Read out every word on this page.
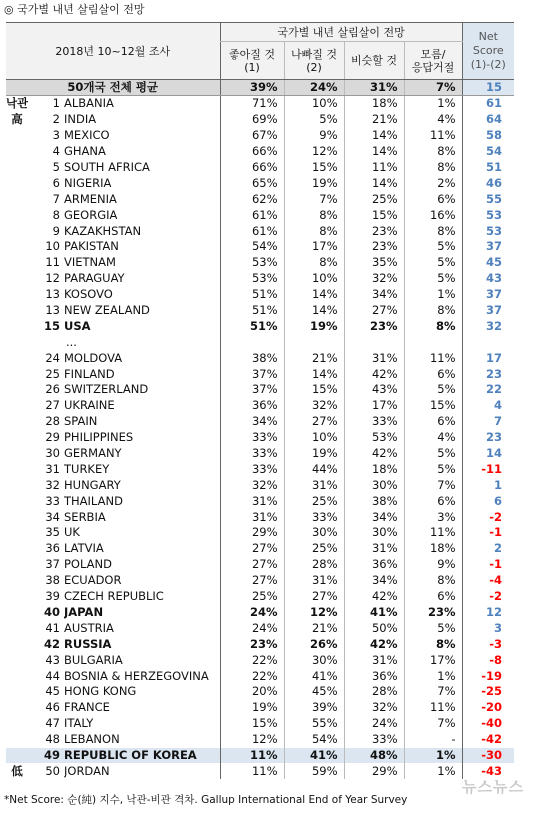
◎ 국가별 내년 살림살이 전망
2018년 10~12월 조사			국가별 내년 살림살이 전망				Net
Score
(1)-(2)
			좋아질 것
(1)	나빠질 것
(2)	비슷할 것	모름/
응답거절	
50개국 전체 평균			39%	24%	31%	7%	15
낙관	1	ALBANIA	71%	10%	18%	1%	61
高	2	INDIA	69%	5%	21%	4%	64
	3	MEXICO	67%	9%	14%	11%	58
	4	GHANA	66%	12%	14%	8%	54
	5	SOUTH AFRICA	66%	15%	11%	8%	51
	6	NIGERIA	65%	19%	14%	2%	46
	7	ARMENIA	62%	7%	25%	6%	55
	8	GEORGIA	61%	8%	15%	16%	53
	9	KAZAKHSTAN	61%	8%	23%	8%	53
	10	PAKISTAN	54%	17%	23%	5%	37
	11	VIETNAM	53%	8%	35%	5%	45
	12	PARAGUAY	53%	10%	32%	5%	43
	13	KOSOVO	51%	14%	34%	1%	37
	13	NEW ZEALAND	51%	14%	27%	8%	37
	15	USA	51%	19%	23%	8%	32
	...						
	24	MOLDOVA	38%	21%	31%	11%	17
	25	FINLAND	37%	14%	42%	6%	23
	26	SWITZERLAND	37%	15%	43%	5%	22
	27	UKRAINE	36%	32%	17%	15%	4
	28	SPAIN	34%	27%	33%	6%	7
	29	PHILIPPINES	33%	10%	53%	4%	23
	30	GERMANY	33%	19%	42%	5%	14
	31	TURKEY	33%	44%	18%	5%	-11
	32	HUNGARY	32%	31%	30%	7%	1
	33	THAILAND	31%	25%	38%	6%	6
	34	SERBIA	31%	33%	34%	3%	-2
	35	UK	29%	30%	30%	11%	-1
	36	LATVIA	27%	25%	31%	18%	2
	37	POLAND	27%	28%	36%	9%	-1
	38	ECUADOR	27%	31%	34%	8%	-4
	39	CZECH REPUBLIC	25%	27%	42%	6%	-2
	40	JAPAN	24%	12%	41%	23%	12
	41	AUSTRIA	24%	21%	50%	5%	3
	42	RUSSIA	23%	26%	42%	8%	-3
	43	BULGARIA	22%	30%	31%	17%	-8
	44	BOSNIA & HERZEGOVINA	22%	41%	36%	1%	-19
	45	HONG KONG	20%	45%	28%	7%	-25
	46	FRANCE	19%	39%	32%	11%	-20
	47	ITALY	15%	55%	24%	7%	-40
	48	LEBANON	12%	54%	33%	-	-42
	49	REPUBLIC OF KOREA	11%	41%	48%	1%	-30
低	50	JORDAN	11%	59%	29%	1%	-43
뉴스뉴스
*Net Score: 순(純) 지수, 낙관-비관 격차. Gallup International End of Year Survey
